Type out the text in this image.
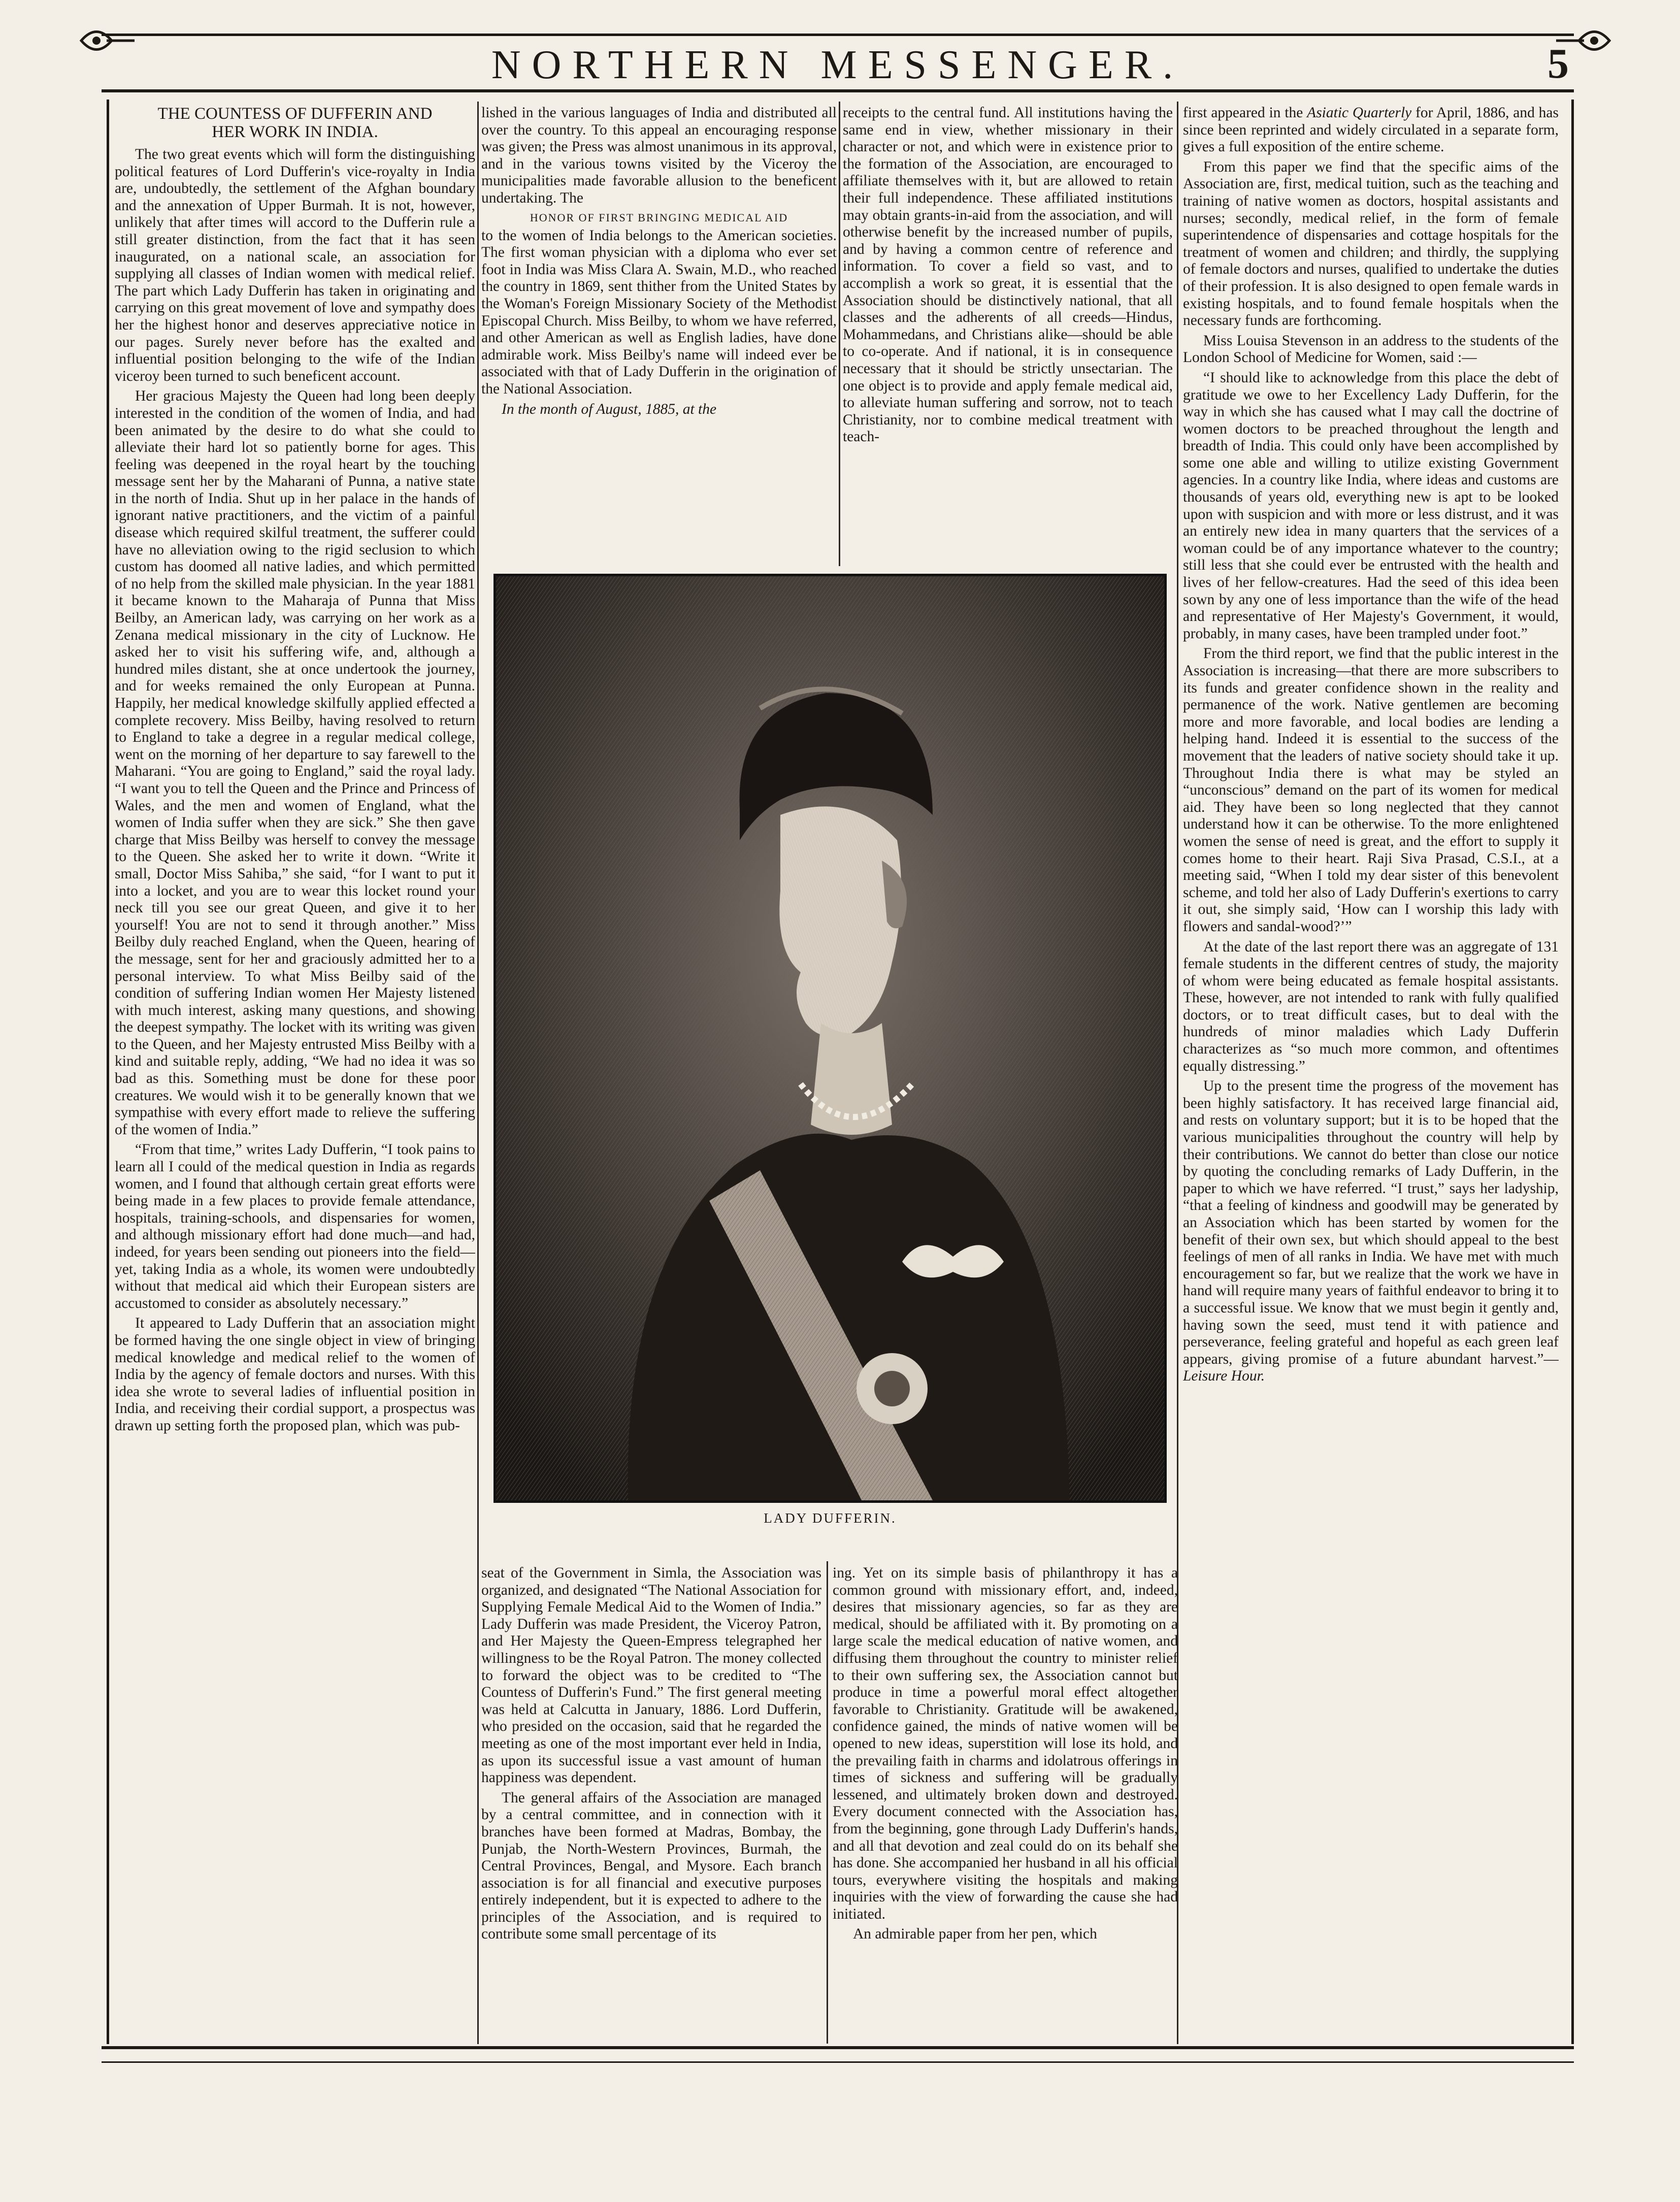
NORTHERN MESSENGER.	5
THE COUNTESS OF DUFFERIN AND
HER WORK IN INDIA.

The two great events which will form the distinguishing political features of Lord Dufferin's vice-royalty in India are, undoubtedly, the settlement of the Afghan boundary and the annexation of Upper Burmah. It is not, however, unlikely that after times will accord to the Dufferin rule a still greater distinction, from the fact that it has seen inaugurated, on a national scale, an association for supplying all classes of Indian women with medical relief. The part which Lady Dufferin has taken in originating and carrying on this great movement of love and sympathy does her the highest honor and deserves appreciative notice in our pages. Surely never before has the exalted and influential position belonging to the wife of the Indian viceroy been turned to such beneficent account.

Her gracious Majesty the Queen had long been deeply interested in the condition of the women of India, and had been animated by the desire to do what she could to alleviate their hard lot so patiently borne for ages. This feeling was deepened in the royal heart by the touching message sent her by the Maharani of Punna, a native state in the north of India. Shut up in her palace in the hands of ignorant native practitioners, and the victim of a painful disease which required skilful treatment, the sufferer could have no alleviation owing to the rigid seclusion to which custom has doomed all native ladies, and which permitted of no help from the skilled male physician. In the year 1881 it became known to the Maharaja of Punna that Miss Beilby, an American lady, was carrying on her work as a Zenana medical missionary in the city of Lucknow. He asked her to visit his suffering wife, and, although a hundred miles distant, she at once undertook the journey, and for weeks remained the only European at Punna. Happily, her medical knowledge skilfully applied effected a complete recovery. Miss Beilby, having resolved to return to England to take a degree in a regular medical college, went on the morning of her departure to say farewell to the Maharani. “You are going to England,” said the royal lady. “I want you to tell the Queen and the Prince and Princess of Wales, and the men and women of England, what the women of India suffer when they are sick.” She then gave charge that Miss Beilby was herself to convey the message to the Queen. She asked her to write it down. “Write it small, Doctor Miss Sahiba,” she said, “for I want to put it into a locket, and you are to wear this locket round your neck till you see our great Queen, and give it to her yourself! You are not to send it through another.” Miss Beilby duly reached England, when the Queen, hearing of the message, sent for her and graciously admitted her to a personal interview. To what Miss Beilby said of the condition of suffering Indian women Her Majesty listened with much interest, asking many questions, and showing the deepest sympathy. The locket with its writing was given to the Queen, and her Majesty entrusted Miss Beilby with a kind and suitable reply, adding, “We had no idea it was so bad as this. Something must be done for these poor creatures. We would wish it to be generally known that we sympathise with every effort made to relieve the suffering of the women of India.”

“From that time,” writes Lady Dufferin, “I took pains to learn all I could of the medical question in India as regards women, and I found that although certain great efforts were being made in a few places to provide female attendance, hospitals, training-schools, and dispensaries for women, and although missionary effort had done much—and had, indeed, for years been sending out pioneers into the field—yet, taking India as a whole, its women were undoubtedly without that medical aid which their European sisters are accustomed to consider as absolutely necessary.”

It appeared to Lady Dufferin that an association might be formed having the one single object in view of bringing medical knowledge and medical relief to the women of India by the agency of female doctors and nurses. With this idea she wrote to several ladies of influential position in India, and receiving their cordial support, a prospectus was drawn up setting forth the proposed plan, which was pub-

lished in the various languages of India and distributed all over the country. To this appeal an encouraging response was given; the Press was almost unanimous in its approval, and in the various towns visited by the Viceroy the municipalities made favorable allusion to the beneficent undertaking. The

HONOR OF FIRST BRINGING MEDICAL AID

to the women of India belongs to the American societies. The first woman physician with a diploma who ever set foot in India was Miss Clara A. Swain, M.D., who reached the country in 1869, sent thither from the United States by the Woman's Foreign Missionary Society of the Methodist Episcopal Church. Miss Beilby, to whom we have referred, and other American as well as English ladies, have done admirable work. Miss Beilby's name will indeed ever be associated with that of Lady Dufferin in the origination of the National Association.

In the month of August, 1885, at the

receipts to the central fund. All institutions having the same end in view, whether missionary in their character or not, and which were in existence prior to the formation of the Association, are encouraged to affiliate themselves with it, but are allowed to retain their full independence. These affiliated institutions may obtain grants-in-aid from the association, and will otherwise benefit by the increased number of pupils, and by having a common centre of reference and information. To cover a field so vast, and to accomplish a work so great, it is essential that the Association should be distinctively national, that all classes and the adherents of all creeds—Hindus, Mohammedans, and Christians alike—should be able to co-operate. And if national, it is in consequence necessary that it should be strictly unsectarian. The one object is to provide and apply female medical aid, to alleviate human suffering and sorrow, not to teach Christianity, nor to combine medical treatment with teach-

LADY DUFFERIN.

seat of the Government in Simla, the Association was organized, and designated “The National Association for Supplying Female Medical Aid to the Women of India.” Lady Dufferin was made President, the Viceroy Patron, and Her Majesty the Queen-Empress telegraphed her willingness to be the Royal Patron. The money collected to forward the object was to be credited to “The Countess of Dufferin's Fund.” The first general meeting was held at Calcutta in January, 1886. Lord Dufferin, who presided on the occasion, said that he regarded the meeting as one of the most important ever held in India, as upon its successful issue a vast amount of human happiness was dependent.

The general affairs of the Association are managed by a central committee, and in connection with it branches have been formed at Madras, Bombay, the Punjab, the North-Western Provinces, Burmah, the Central Provinces, Bengal, and Mysore. Each branch association is for all financial and executive purposes entirely independent, but it is expected to adhere to the principles of the Association, and is required to contribute some small percentage of its

ing. Yet on its simple basis of philanthropy it has a common ground with missionary effort, and, indeed, desires that missionary agencies, so far as they are medical, should be affiliated with it. By promoting on a large scale the medical education of native women, and diffusing them throughout the country to minister relief to their own suffering sex, the Association cannot but produce in time a powerful moral effect altogether favorable to Christianity. Gratitude will be awakened, confidence gained, the minds of native women will be opened to new ideas, superstition will lose its hold, and the prevailing faith in charms and idolatrous offerings in times of sickness and suffering will be gradually lessened, and ultimately broken down and destroyed. Every document connected with the Association has, from the beginning, gone through Lady Dufferin's hands, and all that devotion and zeal could do on its behalf she has done. She accompanied her husband in all his official tours, everywhere visiting the hospitals and making inquiries with the view of forwarding the cause she had initiated.

An admirable paper from her pen, which

first appeared in the Asiatic Quarterly for April, 1886, and has since been reprinted and widely circulated in a separate form, gives a full exposition of the entire scheme.

From this paper we find that the specific aims of the Association are, first, medical tuition, such as the teaching and training of native women as doctors, hospital assistants and nurses; secondly, medical relief, in the form of female superintendence of dispensaries and cottage hospitals for the treatment of women and children; and thirdly, the supplying of female doctors and nurses, qualified to undertake the duties of their profession. It is also designed to open female wards in existing hospitals, and to found female hospitals when the necessary funds are forthcoming.

Miss Louisa Stevenson in an address to the students of the London School of Medicine for Women, said :—

“I should like to acknowledge from this place the debt of gratitude we owe to her Excellency Lady Dufferin, for the way in which she has caused what I may call the doctrine of women doctors to be preached throughout the length and breadth of India. This could only have been accomplished by some one able and willing to utilize existing Government agencies. In a country like India, where ideas and customs are thousands of years old, everything new is apt to be looked upon with suspicion and with more or less distrust, and it was an entirely new idea in many quarters that the services of a woman could be of any importance whatever to the country; still less that she could ever be entrusted with the health and lives of her fellow-creatures. Had the seed of this idea been sown by any one of less importance than the wife of the head and representative of Her Majesty's Government, it would, probably, in many cases, have been trampled under foot.”

From the third report, we find that the public interest in the Association is increasing—that there are more subscribers to its funds and greater confidence shown in the reality and permanence of the work. Native gentlemen are becoming more and more favorable, and local bodies are lending a helping hand. Indeed it is essential to the success of the movement that the leaders of native society should take it up. Throughout India there is what may be styled an “unconscious” demand on the part of its women for medical aid. They have been so long neglected that they cannot understand how it can be otherwise. To the more enlightened women the sense of need is great, and the effort to supply it comes home to their heart. Raji Siva Prasad, C.S.I., at a meeting said, “When I told my dear sister of this benevolent scheme, and told her also of Lady Dufferin's exertions to carry it out, she simply said, ‘How can I worship this lady with flowers and sandal-wood?’”

At the date of the last report there was an aggregate of 131 female students in the different centres of study, the majority of whom were being educated as female hospital assistants. These, however, are not intended to rank with fully qualified doctors, or to treat difficult cases, but to deal with the hundreds of minor maladies which Lady Dufferin characterizes as “so much more common, and oftentimes equally distressing.”

Up to the present time the progress of the movement has been highly satisfactory. It has received large financial aid, and rests on voluntary support; but it is to be hoped that the various municipalities throughout the country will help by their contributions. We cannot do better than close our notice by quoting the concluding remarks of Lady Dufferin, in the paper to which we have referred. “I trust,” says her ladyship, “that a feeling of kindness and goodwill may be generated by an Association which has been started by women for the benefit of their own sex, but which should appeal to the best feelings of men of all ranks in India. We have met with much encouragement so far, but we realize that the work we have in hand will require many years of faithful endeavor to bring it to a successful issue. We know that we must begin it gently and, having sown the seed, must tend it with patience and perseverance, feeling grateful and hopeful as each green leaf appears, giving promise of a future abundant harvest.”—Leisure Hour.
